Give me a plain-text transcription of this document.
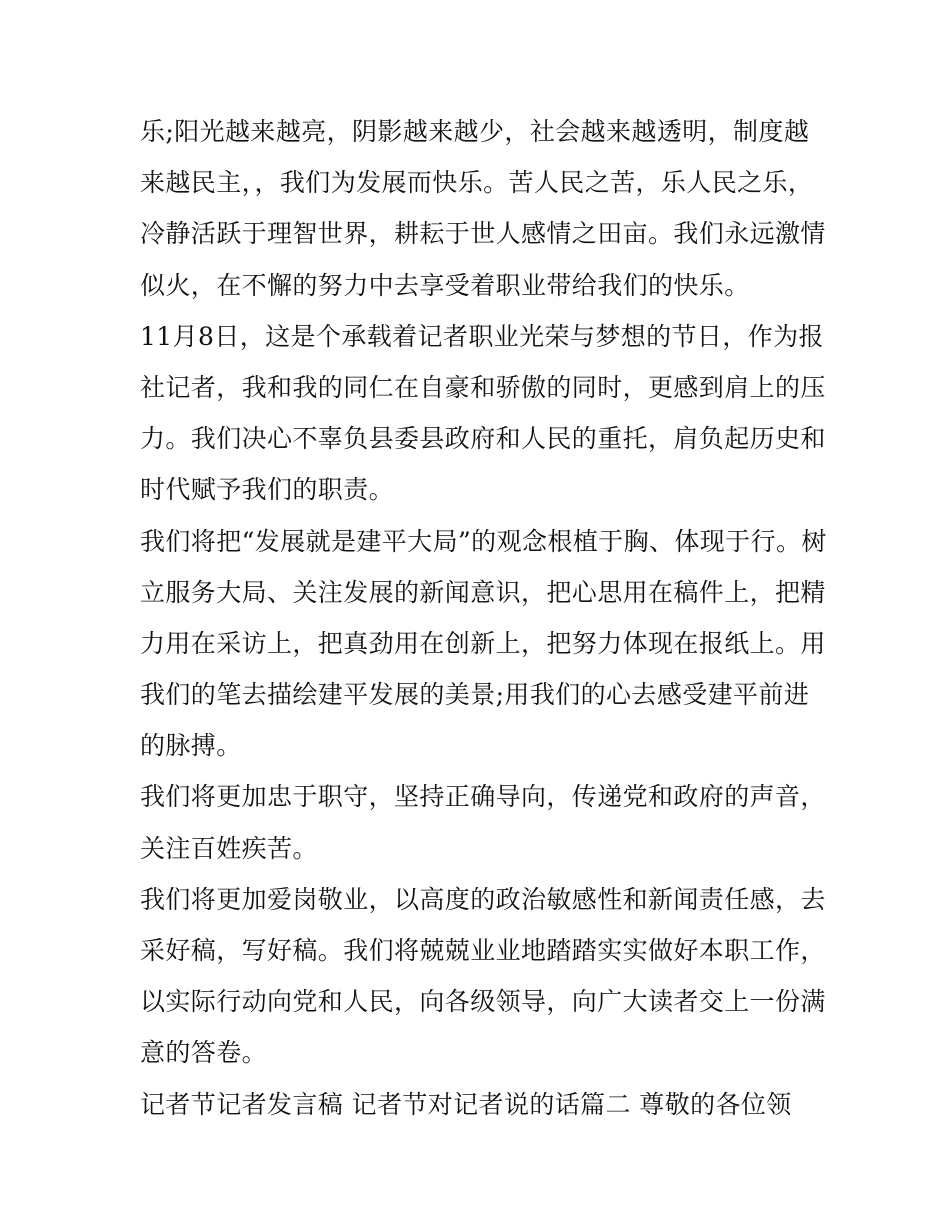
乐;阳光越来越亮，阴影越来越少，社会越来越透明，制度越
来越民主，，我们为发展而快乐。苦人民之苦，乐人民之乐，
冷静活跃于理智世界，耕耘于世人感情之田亩。我们永远激情
似火，在不懈的努力中去享受着职业带给我们的快乐。
11月8日，这是个承载着记者职业光荣与梦想的节日，作为报
社记者，我和我的同仁在自豪和骄傲的同时，更感到肩上的压
力。我们决心不辜负县委县政府和人民的重托，肩负起历史和
时代赋予我们的职责。
我们将把“发展就是建平大局”的观念根植于胸、体现于行。树
立服务大局、关注发展的新闻意识，把心思用在稿件上，把精
力用在采访上，把真劲用在创新上，把努力体现在报纸上。用
我们的笔去描绘建平发展的美景;用我们的心去感受建平前进
的脉搏。
我们将更加忠于职守，坚持正确导向，传递党和政府的声音，
关注百姓疾苦。
我们将更加爱岗敬业，以高度的政治敏感性和新闻责任感，去
采好稿，写好稿。我们将兢兢业业地踏踏实实做好本职工作，
以实际行动向党和人民，向各级领导，向广大读者交上一份满
意的答卷。
记者节记者发言稿 记者节对记者说的话篇二 尊敬的各位领
